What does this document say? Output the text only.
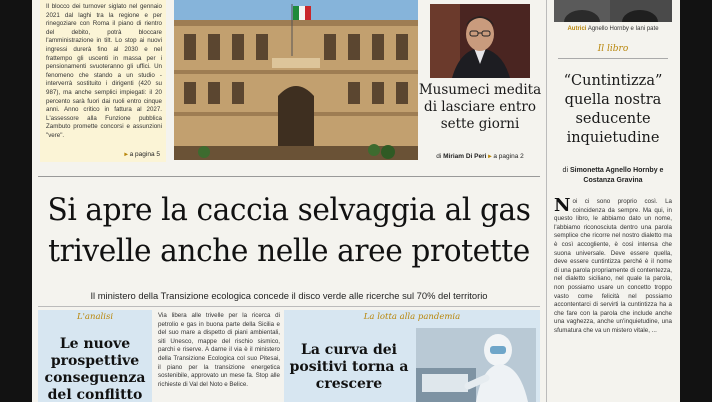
Il blocco dei turnover siglato nel gennaio 2021 dal laghi tra la regione e per rinegoziare con Roma il piano di rientro del debito, potrà bloccare l'amministrazione in tilt. Lo stop ai nuovi ingressi durerà fino al 2030 e nel frattempo gli uscenti in massa per i pensionamenti svuoteranno gli uffici. Un fenomeno che stando a un studio - interverrà sostituito i dirigenti (420 su 987), ma anche semplici impiegati: il 20 percento sarà fuori dai ruoli entro cinque anni. Anno critico in fattura al 2027. L'assessore alla Funzione pubblica Zambuto promette concorsi e assunzioni "vere".
▸ a pagina 5
Musumeci medita di lasciare entro sette giorni
di Miriam Di Peri ▸ a pagina 2
Autrici Agnello Hornby e Iani pate
Il libro
“Cuntintizza” quella nostra seducente inquietudine
di Simonetta Agnello Hornby e Costanza Gravina
N oi ci sono proprio così. La coincidenza da sempre. Ma qui, in questo libro, le abbiamo dato un nome, l'abbiamo riconosciuta dentro una parola semplice che ricorre nel nostro dialetto ma è così accogliente, è così intensa che suona universale. Deve essere quella, deve essere cuntintizza perché è il nome di una parola propriamente di contentezza, nel dialetto siciliano, nel quale la parola, non possiamo usare un concetto troppo vasto come felicità nel possiamo accontentarci di servirti la cuntintizza ha a che fare con la parola che include anche una vaghezza, anche un'inquietudine, una sfumatura che va un mistero vitale, ...
Si apre la caccia selvaggia al gas
trivelle anche nelle aree protette
Il ministero della Transizione ecologica concede il disco verde alle ricerche sul 70% del territorio
L'analisi
Le nuove prospettive conseguenza del conflitto
Via libera alle trivelle per la ricerca di petrolio e gas in buona parte della Sicilia e del suo mare a dispetto di piani ambientali, siti Unesco, mappe del rischio sismico, parchi e riserve. A darne il via è il ministero della Transizione Ecologica col suo Pitesai, il piano per la transizione energetica sostenibile, approvato un mese fa. Stop alle richieste di Val del Noto e Belice.
La lotta alla pandemia
La curva dei positivi torna a crescere
